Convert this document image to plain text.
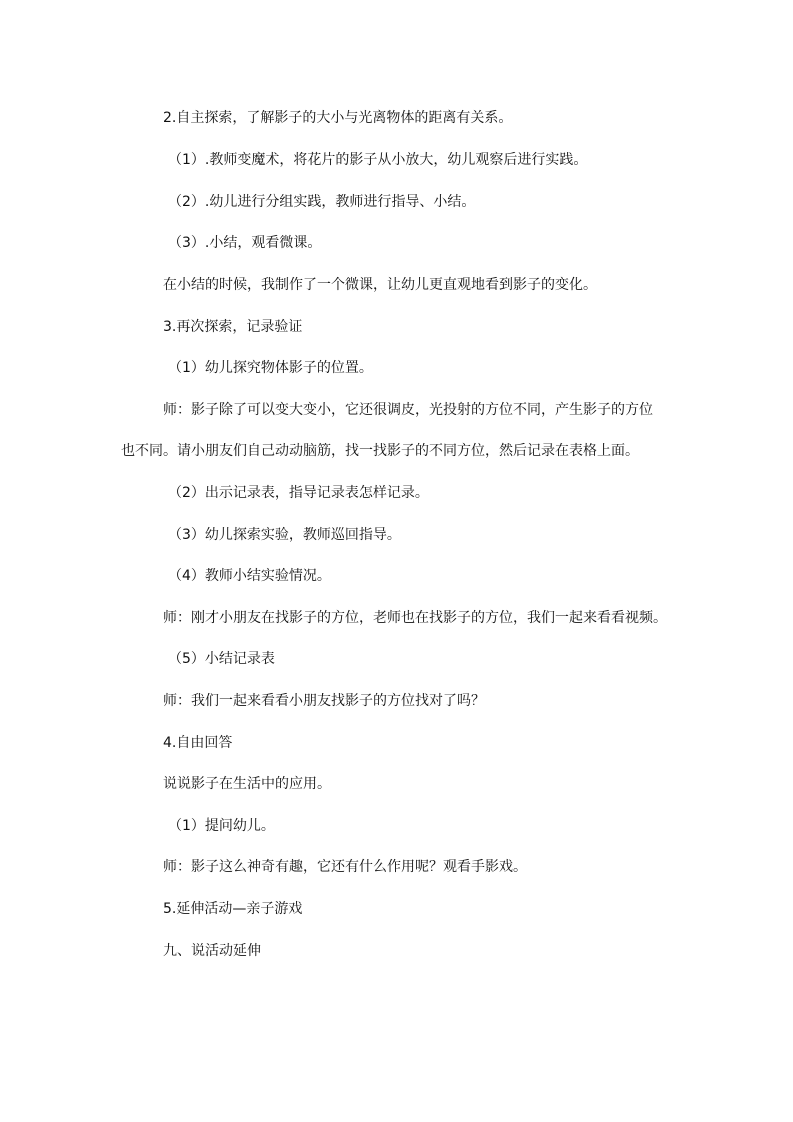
2.自主探索，了解影子的大小与光离物体的距离有关系。

（1）.教师变魔术，将花片的影子从小放大，幼儿观察后进行实践。

（2）.幼儿进行分组实践，教师进行指导、小结。

（3）.小结，观看微课。

在小结的时候，我制作了一个微课，让幼儿更直观地看到影子的变化。

3.再次探索，记录验证

（1）幼儿探究物体影子的位置。

师：影子除了可以变大变小，它还很调皮，光投射的方位不同，产生影子的方位

也不同。请小朋友们自己动动脑筋，找一找影子的不同方位，然后记录在表格上面。

（2）出示记录表，指导记录表怎样记录。

（3）幼儿探索实验，教师巡回指导。

（4）教师小结实验情况。

师：刚才小朋友在找影子的方位，老师也在找影子的方位，我们一起来看看视频。

（5）小结记录表

师：我们一起来看看小朋友找影子的方位找对了吗？

4.自由回答

说说影子在生活中的应用。

（1）提问幼儿。

师：影子这么神奇有趣，它还有什么作用呢？观看手影戏。

5.延伸活动—亲子游戏

九、说活动延伸
